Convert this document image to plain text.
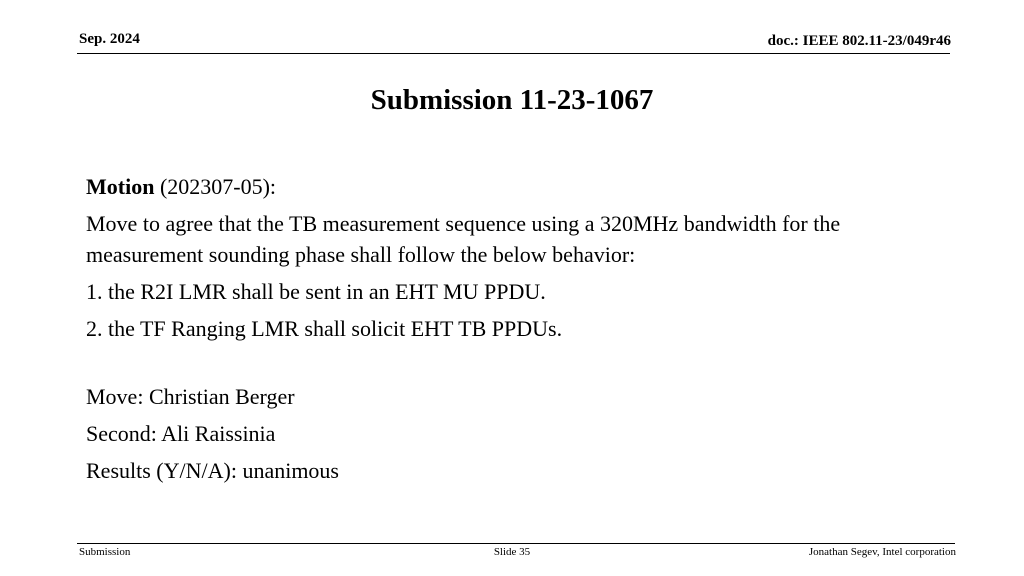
Sep. 2024	doc.: IEEE 802.11-23/049r46
Submission 11-23-1067

Motion (202307-05):

Move to agree that the TB measurement sequence using a 320MHz bandwidth for the measurement sounding phase shall follow the below behavior:

1. the R2I LMR shall be sent in an EHT MU PPDU.

2. the TF Ranging LMR shall solicit EHT TB PPDUs.

Move: Christian Berger

Second: Ali Raissinia

Results (Y/N/A): unanimous

Submission	Slide 35	Jonathan Segev, Intel corporation
